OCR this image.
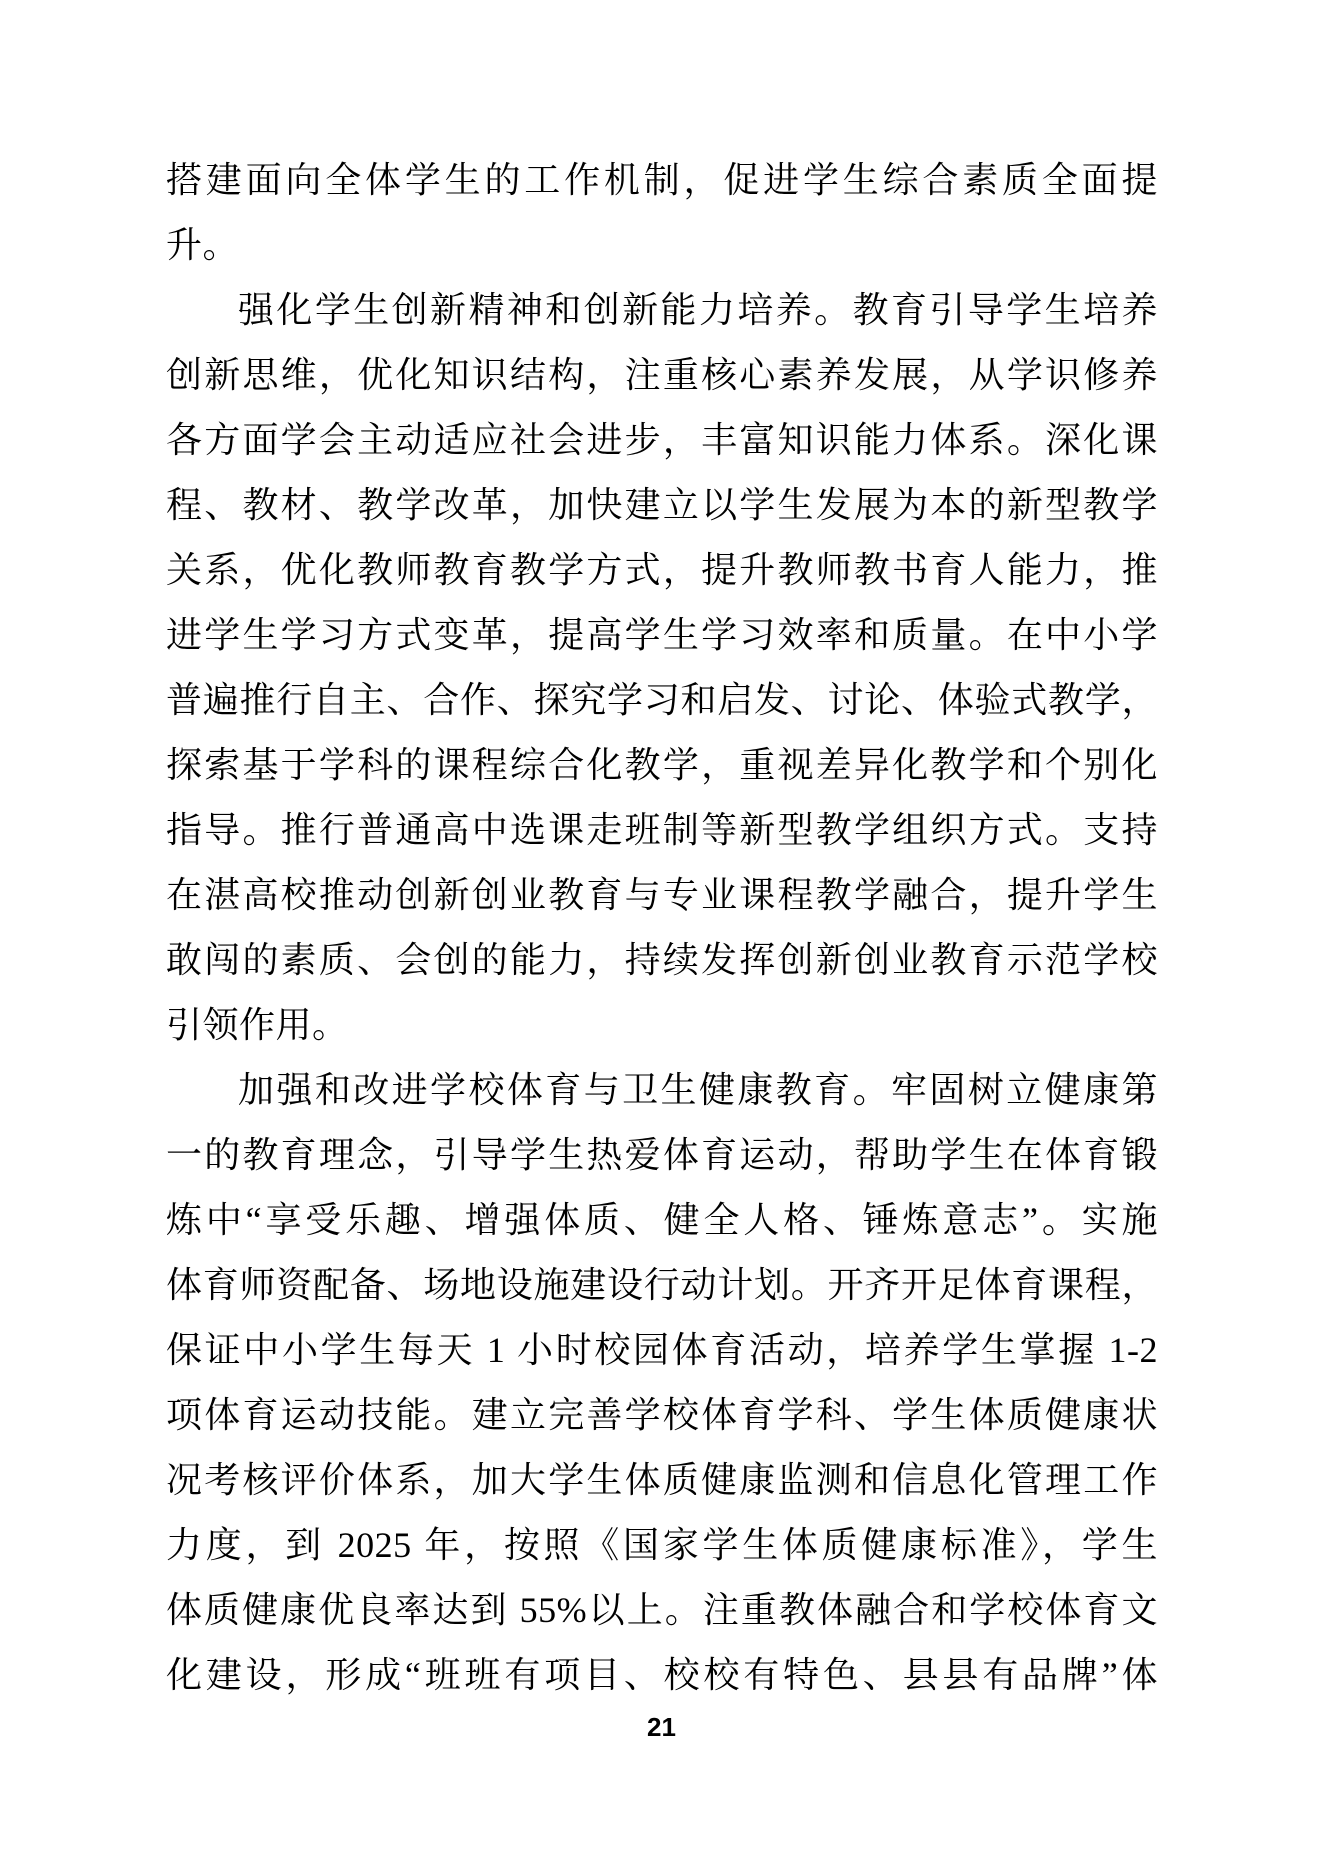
搭建面向全体学生的工作机制，促进学生综合素质全面提
升。
强化学生创新精神和创新能力培养。教育引导学生培养
创新思维，优化知识结构，注重核心素养发展，从学识修养
各方面学会主动适应社会进步，丰富知识能力体系。深化课
程、教材、教学改革，加快建立以学生发展为本的新型教学
关系，优化教师教育教学方式，提升教师教书育人能力，推
进学生学习方式变革，提高学生学习效率和质量。在中小学
普遍推行自主、合作、探究学习和启发、讨论、体验式教学，
探索基于学科的课程综合化教学，重视差异化教学和个别化
指导。推行普通高中选课走班制等新型教学组织方式。支持
在湛高校推动创新创业教育与专业课程教学融合，提升学生
敢闯的素质、会创的能力，持续发挥创新创业教育示范学校
引领作用。
加强和改进学校体育与卫生健康教育。牢固树立健康第
一的教育理念，引导学生热爱体育运动，帮助学生在体育锻
炼中“享受乐趣、增强体质、健全人格、锤炼意志”。实施
体育师资配备、场地设施建设行动计划。开齐开足体育课程，
保证中小学生每天 1 小时校园体育活动，培养学生掌握 1-2
项体育运动技能。建立完善学校体育学科、学生体质健康状
况考核评价体系，加大学生体质健康监测和信息化管理工作
力度，到 2025 年，按照《国家学生体质健康标准》，学生
体质健康优良率达到 55%以上。注重教体融合和学校体育文
化建设，形成“班班有项目、校校有特色、县县有品牌”体
21
